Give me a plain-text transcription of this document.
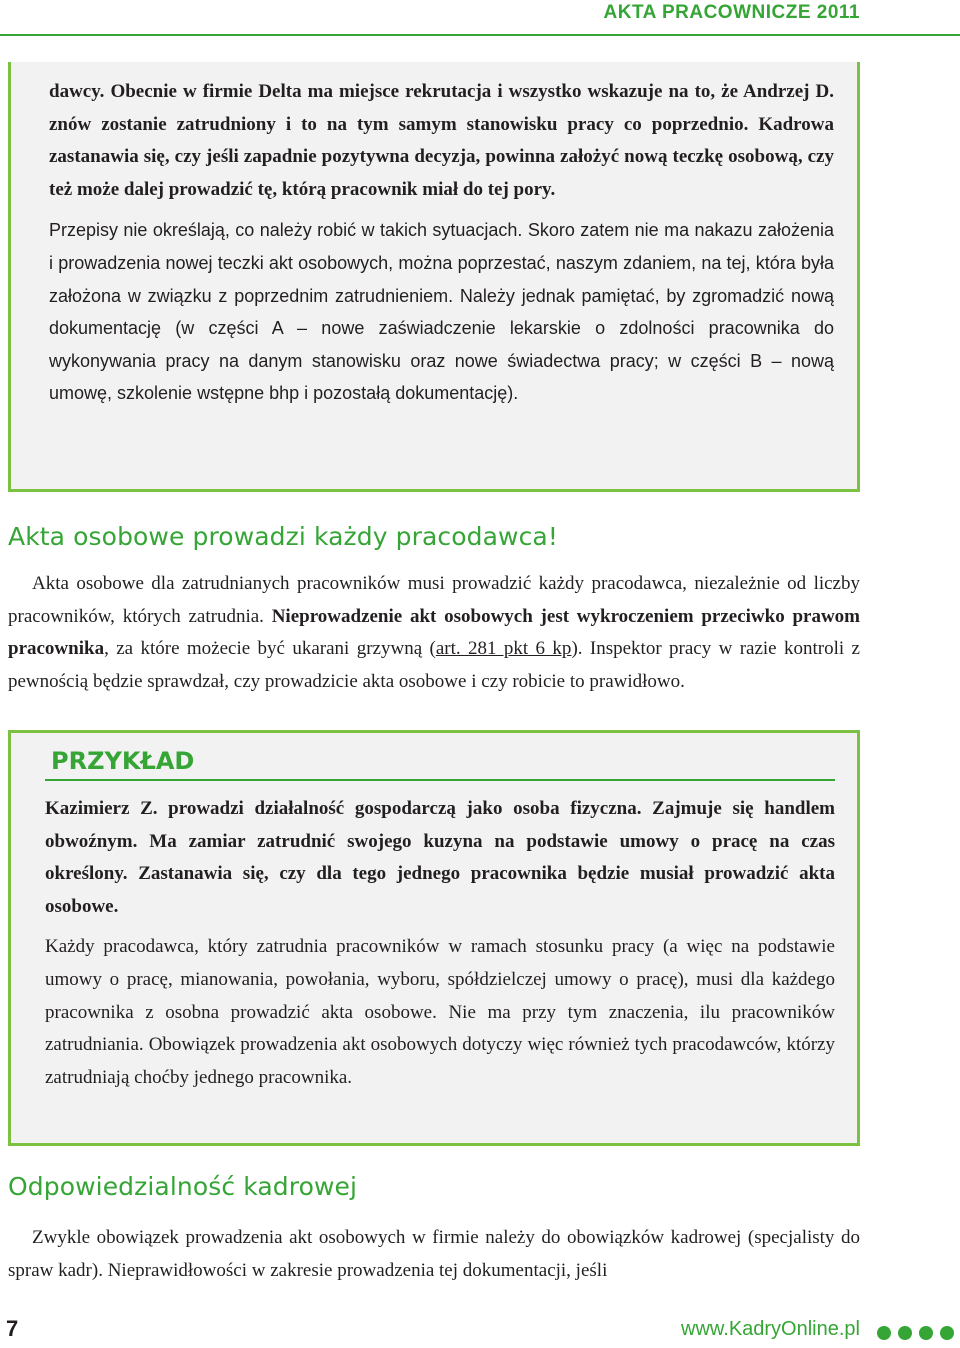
AKTA PRACOWNICZE 2011

dawcy. Obecnie w firmie Delta ma miejsce rekrutacja i wszystko wskazuje na to, że Andrzej D. znów zostanie zatrudniony i to na tym samym stanowisku pracy co poprzednio. Kadrowa zastanawia się, czy jeśli zapadnie pozytywna decyzja, powinna założyć nową teczkę osobową, czy też może dalej prowadzić tę, którą pracownik miał do tej pory.

Przepisy nie określają, co należy robić w takich sytuacjach. Skoro zatem nie ma nakazu założenia i prowadzenia nowej teczki akt osobowych, można poprzestać, naszym zdaniem, na tej, która była założona w związku z poprzednim zatrudnieniem. Należy jednak pamiętać, by zgromadzić nową dokumentację (w części A – nowe zaświadczenie lekarskie o zdolności pracownika do wykonywania pracy na danym stanowisku oraz nowe świadectwa pracy; w części B – nową umowę, szkolenie wstępne bhp i pozostałą dokumentację).

Akta osobowe prowadzi każdy pracodawca!

Akta osobowe dla zatrudnianych pracowników musi prowadzić każdy pracodawca, niezależnie od liczby pracowników, których zatrudnia. Nieprowadzenie akt osobowych jest wykroczeniem przeciwko prawom pracownika, za które możecie być ukarani grzywną (art. 281 pkt 6 kp). Inspektor pracy w razie kontroli z pewnością będzie sprawdzał, czy prowadzicie akta osobowe i czy robicie to prawidłowo.

PRZYKŁAD

Kazimierz Z. prowadzi działalność gospodarczą jako osoba fizyczna. Zajmuje się handlem obwoźnym. Ma zamiar zatrudnić swojego kuzyna na podstawie umowy o pracę na czas określony. Zastanawia się, czy dla tego jednego pracownika będzie musiał prowadzić akta osobowe.

Każdy pracodawca, który zatrudnia pracowników w ramach stosunku pracy (a więc na podstawie umowy o pracę, mianowania, powołania, wyboru, spółdzielczej umowy o pracę), musi dla każdego pracownika z osobna prowadzić akta osobowe. Nie ma przy tym znaczenia, ilu pracowników zatrudniania. Obowiązek prowadzenia akt osobowych dotyczy więc również tych pracodawców, którzy zatrudniają choćby jednego pracownika.

Odpowiedzialność kadrowej

Zwykle obowiązek prowadzenia akt osobowych w firmie należy do obowiązków kadrowej (specjalisty do spraw kadr). Nieprawidłowości w zakresie prowadzenia tej dokumentacji, jeśli

7	www.KadryOnline.pl
